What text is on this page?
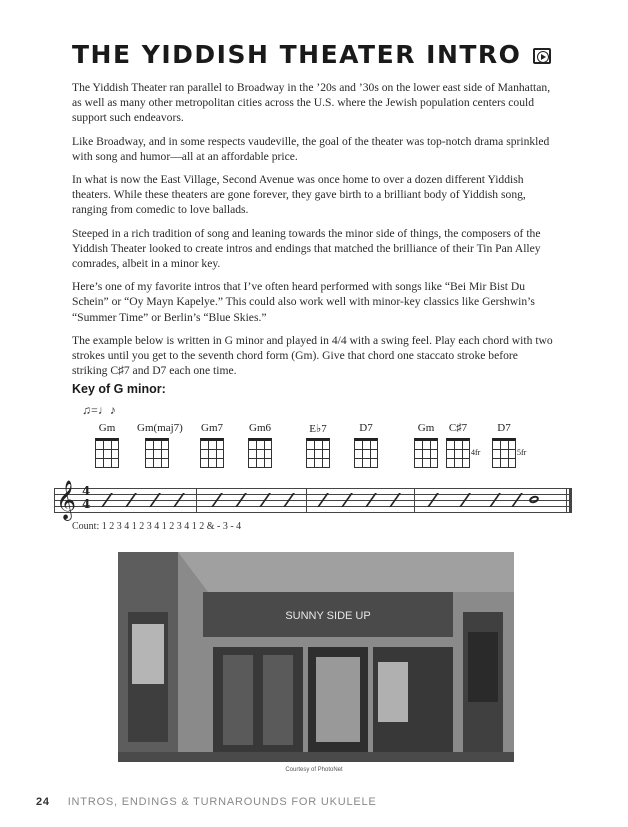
THE YIDDISH THEATER INTRO

The Yiddish Theater ran parallel to Broadway in the ’20s and ’30s on the lower east side of Manhattan, as well as many other metropolitan cities across the U.S. where the Jewish population centers could support such endeavors.

Like Broadway, and in some respects vaudeville, the goal of the theater was top-notch drama sprinkled with song and humor—all at an affordable price.

In what is now the East Village, Second Avenue was once home to over a dozen different Yiddish theaters. While these theaters are gone forever, they gave birth to a brilliant body of Yiddish song, ranging from comedic to love ballads.

Steeped in a rich tradition of song and leaning towards the minor side of things, the composers of the Yiddish Theater looked to create intros and endings that matched the brilliance of their Tin Pan Alley comrades, albeit in a minor key.

Here’s one of my favorite intros that I’ve often heard performed with songs like “Bei Mir Bist Du Schein” or “Oy Mayn Kapelye.” This could also work well with minor-key classics like Gershwin’s “Summer Time” or Berlin’s “Blue Skies.”

The example below is written in G minor and played in 4/4 with a swing feel. Play each chord with two strokes until you get to the seventh chord form (Gm). Give that chord one staccato stroke before striking C♯7 and D7 each one time.

Key of G minor:
♫=♩♪
Gm	Gm(maj7)	Gm7	Gm6	E♭7	D7	Gm	C♯7
4fr
D7
5fr
𝄞 4
4
Count: 1 2 3 4 1 2 3 4 1 2 3 4 1 2 & - 3 - 4
SUNNY SIDE UP
Courtesy of PhotoNet
24 INTROS, ENDINGS & TURNAROUNDS FOR UKULELE
